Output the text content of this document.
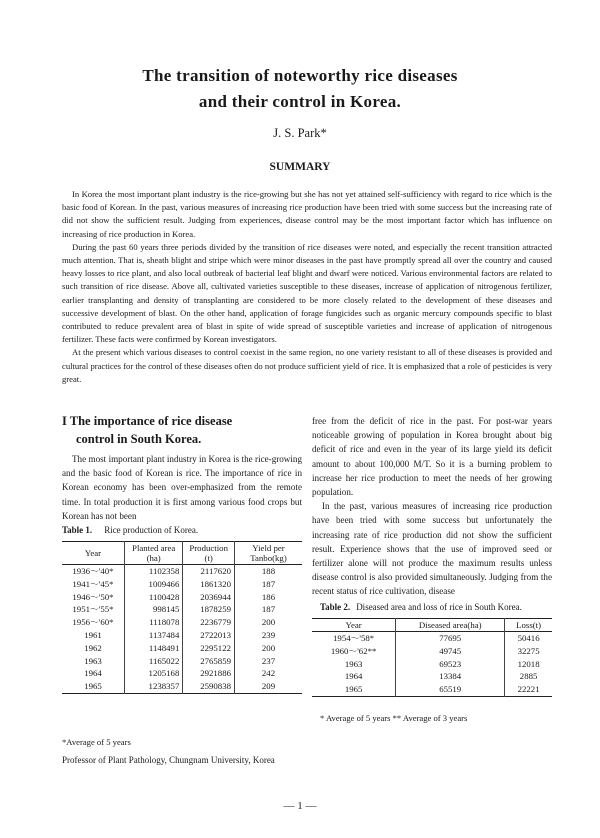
The transition of noteworthy rice diseases
and their control in Korea.
J. S. Park*
SUMMARY

In Korea the most important plant industry is the rice-growing but she has not yet attained self-sufficiency with regard to rice which is the basic food of Korean. In the past, various measures of increasing rice production have been tried with some success but the increasing rate of did not show the sufficient result. Judging from experiences, disease control may be the most important factor which has influence on increasing of rice production in Korea.

During the past 60 years three periods divided by the transition of rice diseases were noted, and especially the recent transition attracted much attention. That is, sheath blight and stripe which were minor diseases in the past have promptly spread all over the country and caused heavy losses to rice plant, and also local outbreak of bacterial leaf blight and dwarf were noticed. Various environmental factors are related to such transition of rice disease. Above all, cultivated varieties susceptible to these diseases, increase of application of nitrogenous fertilizer, earlier transplanting and density of transplanting are considered to be more closely related to the development of these diseases and successive development of blast. On the other hand, application of forage fungicides such as organic mercury compounds specific to blast contributed to reduce prevalent area of blast in spite of wide spread of susceptible varieties and increase of application of nitrogenous fertilizer. These facts were confirmed by Korean investigators.

At the present which various diseases to control coexist in the same region, no one variety resistant to all of these diseases is provided and cultural practices for the control of these diseases often do not produce sufficient yield of rice. It is emphasized that a role of pesticides is very great.

I The importance of rice disease
control in South Korea.

The most important plant industry in Korea is the rice-growing and the basic food of Korean is rice. The importance of rice in Korean economy has been over-emphasized from the remote time. In total production it is first among various food crops but Korean has not been

Table 1. Rice production of Korea.
Year	Planted area (ha)	Production (t)	Yield per Tanbo(kg)
1936～'40*	1102358	2117620	188
1941～'45*	1009466	1861320	187
1946～'50*	1100428	2036944	186
1951～'55*	998145	1878259	187
1956～'60*	1118078	2236779	200
1961	1137484	2722013	239
1962	1148491	2295122	200
1963	1165022	2765859	237
1964	1205168	2921886	242
1965	1238357	2590838	209
*Average of 5 years
Professor of Plant Pathology, Chungnam University, Korea

free from the deficit of rice in the past. For post-war years noticeable growing of population in Korea brought about big deficit of rice and even in the year of its large yield its deficit amount to about 100,000 M/T. So it is a burning problem to increase her rice production to meet the needs of her growing population.

In the past, various measures of increasing rice production have been tried with some success but unfortunately the increasing rate of rice production did not show the sufficient result. Experience shows that the use of improved seed or fertilizer alone will not produce the maximum results unless disease control is also provided simultaneously. Judging from the recent status of rice cultivation, disease

Table 2. Diseased area and loss of rice in South Korea.
Year	Diseased area(ha)	Loss(t)
1954～'58*	77695	50416
1960～'62**	49745	32275
1963	69523	12018
1964	13384	2885
1965	65519	22221
* Average of 5 years ** Average of 3 years
— 1 —
